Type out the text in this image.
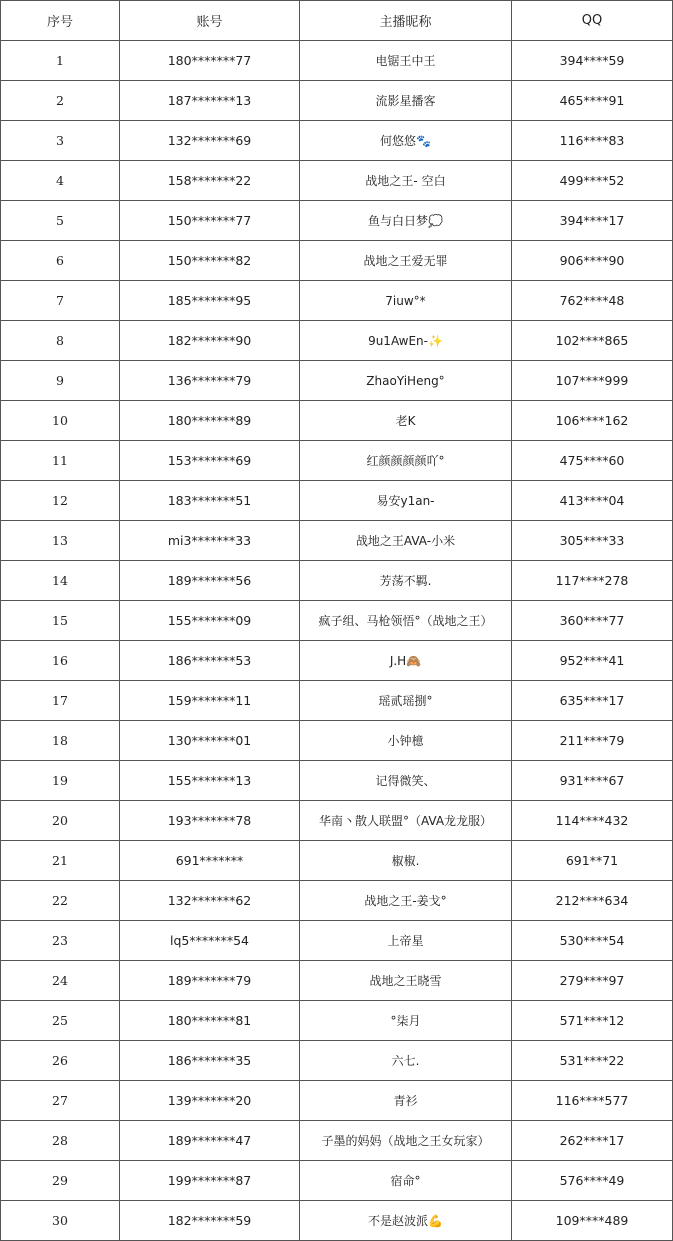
序号	账号	主播昵称	QQ
1	180*******77	电锯王中王	394****59
2	187*******13	流影星播客	465****91
3	132*******69	何悠悠🐾	116****83
4	158*******22	战地之王- 空白	499****52
5	150*******77	鱼与白日梦💭	394****17
6	150*******82	战地之王爱无罪	906****90
7	185*******95	7iuw°*	762****48
8	182*******90	9u1AwEn-✨	102****865
9	136*******79	ZhaoYiHeng°	107****999
10	180*******89	老K	106****162
11	153*******69	红颜颜颜颜吖°	475****60
12	183*******51	易安y1an-	413****04
13	mi3*******33	战地之王AVA-小米	305****33
14	189*******56	芳荡不羁.	117****278
15	155*******09	疯子组、马枪领悟°（战地之王）	360****77
16	186*******53	J.H🙈	952****41
17	159*******11	瑶贰瑶捌°	635****17
18	130*******01	小钟檍	211****79
19	155*******13	记得微笑、	931****67
20	193*******78	华南丶散人联盟°（AVA龙龙服）	114****432
21	691*******	椒椒.	691**71
22	132*******62	战地之王-姜戈°	212****634
23	lq5*******54	上帝星	530****54
24	189*******79	战地之王晓雪	279****97
25	180*******81	°柒月	571****12
26	186*******35	六七.	531****22
27	139*******20	青衫	116****577
28	189*******47	子墨的妈妈（战地之王女玩家）	262****17
29	199*******87	宿命°	576****49
30	182*******59	不是赵波派💪	109****489
